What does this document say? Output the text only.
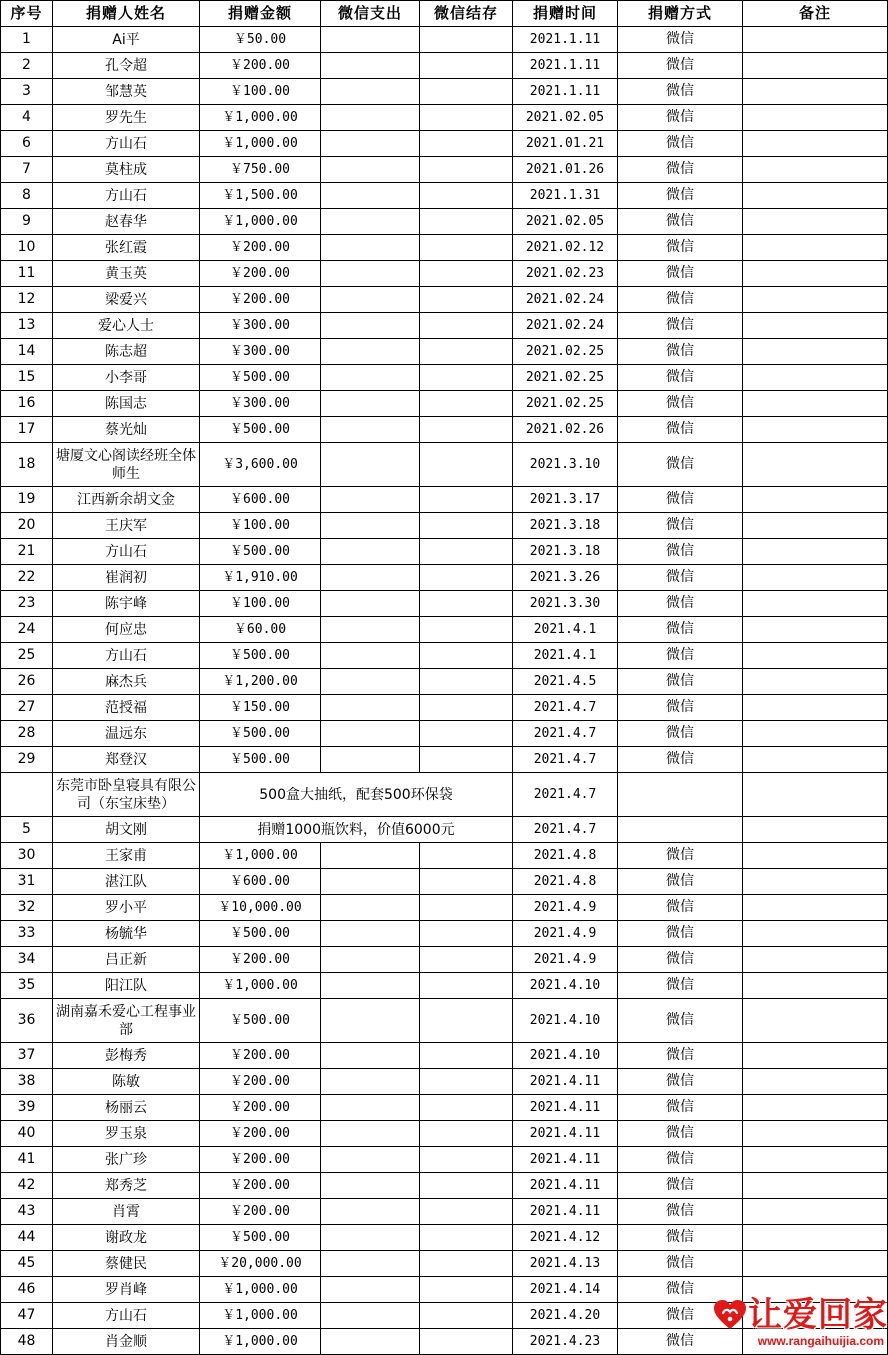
序号	捐赠人姓名	捐赠金额	微信支出	微信结存	捐赠时间	捐赠方式	备注
1	Ai平	￥50.00			2021.1.11	微信	
2	孔令超	￥200.00			2021.1.11	微信	
3	邹慧英	￥100.00			2021.1.11	微信	
4	罗先生	￥1,000.00			2021.02.05	微信	
6	方山石	￥1,000.00			2021.01.21	微信	
7	莫柱成	￥750.00			2021.01.26	微信	
8	方山石	￥1,500.00			2021.1.31	微信	
9	赵春华	￥1,000.00			2021.02.05	微信	
10	张红霞	￥200.00			2021.02.12	微信	
11	黄玉英	￥200.00			2021.02.23	微信	
12	梁爱兴	￥200.00			2021.02.24	微信	
13	爱心人士	￥300.00			2021.02.24	微信	
14	陈志超	￥300.00			2021.02.25	微信	
15	小李哥	￥500.00			2021.02.25	微信	
16	陈国志	￥300.00			2021.02.25	微信	
17	蔡光灿	￥500.00			2021.02.26	微信	
18	塘厦文心阁读经班全体师生	￥3,600.00			2021.3.10	微信	
19	江西新余胡文金	￥600.00			2021.3.17	微信	
20	王庆军	￥100.00			2021.3.18	微信	
21	方山石	￥500.00			2021.3.18	微信	
22	崔润初	￥1,910.00			2021.3.26	微信	
23	陈宇峰	￥100.00			2021.3.30	微信	
24	何应忠	￥60.00			2021.4.1	微信	
25	方山石	￥500.00			2021.4.1	微信	
26	麻杰兵	￥1,200.00			2021.4.5	微信	
27	范授福	￥150.00			2021.4.7	微信	
28	温远东	￥500.00			2021.4.7	微信	
29	郑登汉	￥500.00			2021.4.7	微信	
	东莞市卧皇寝具有限公司（东宝床垫）	500盒大抽纸，配套500环保袋			2021.4.7		
5	胡文刚	捐赠1000瓶饮料，价值6000元			2021.4.7		
30	王家甫	￥1,000.00			2021.4.8	微信	
31	湛江队	￥600.00			2021.4.8	微信	
32	罗小平	￥10,000.00			2021.4.9	微信	
33	杨毓华	￥500.00			2021.4.9	微信	
34	吕正新	￥200.00			2021.4.9	微信	
35	阳江队	￥1,000.00			2021.4.10	微信	
36	湖南嘉禾爱心工程事业部	￥500.00			2021.4.10	微信	
37	彭梅秀	￥200.00			2021.4.10	微信	
38	陈敏	￥200.00			2021.4.11	微信	
39	杨丽云	￥200.00			2021.4.11	微信	
40	罗玉泉	￥200.00			2021.4.11	微信	
41	张广珍	￥200.00			2021.4.11	微信	
42	郑秀芝	￥200.00			2021.4.11	微信	
43	肖霄	￥200.00			2021.4.11	微信	
44	谢政龙	￥500.00			2021.4.12	微信	
45	蔡健民	￥20,000.00			2021.4.13	微信	
46	罗肖峰	￥1,000.00			2021.4.14	微信	
47	方山石	￥1,000.00			2021.4.20	微信	
48	肖金顺	￥1,000.00			2021.4.23	微信	
让爱回家
www.rangaihuijia.com
